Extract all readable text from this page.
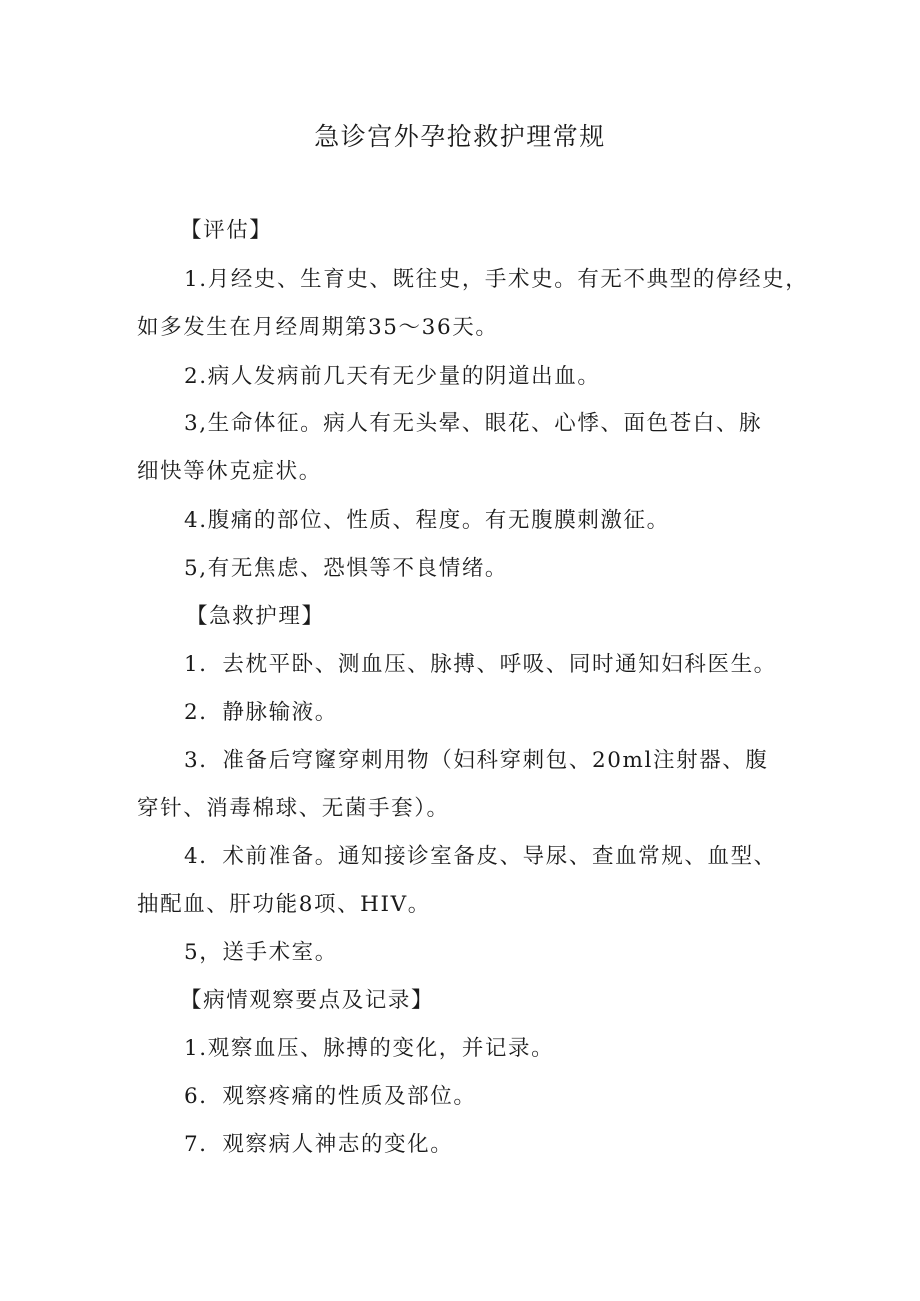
急诊宫外孕抢救护理常规
【评估】
1.月经史、生育史、既往史，手术史。有无不典型的停经史，
如多发生在月经周期第35～36天。
2.病人发病前几天有无少量的阴道出血。
3,生命体征。病人有无头晕、眼花、心悸、面色苍白、脉
细快等休克症状。
4.腹痛的部位、性质、程度。有无腹膜刺激征。
5,有无焦虑、恐惧等不良情绪。
【急救护理】
1．去枕平卧、测血压、脉搏、呼吸、同时通知妇科医生。
2．静脉输液。
3．准备后穹窿穿刺用物（妇科穿刺包、20ml注射器、腹
穿针、消毒棉球、无菌手套）。
4．术前准备。通知接诊室备皮、导尿、查血常规、血型、
抽配血、肝功能8项、HIV。
5，送手术室。
【病情观察要点及记录】
1.观察血压、脉搏的变化，并记录。
6．观察疼痛的性质及部位。
7．观察病人神志的变化。
